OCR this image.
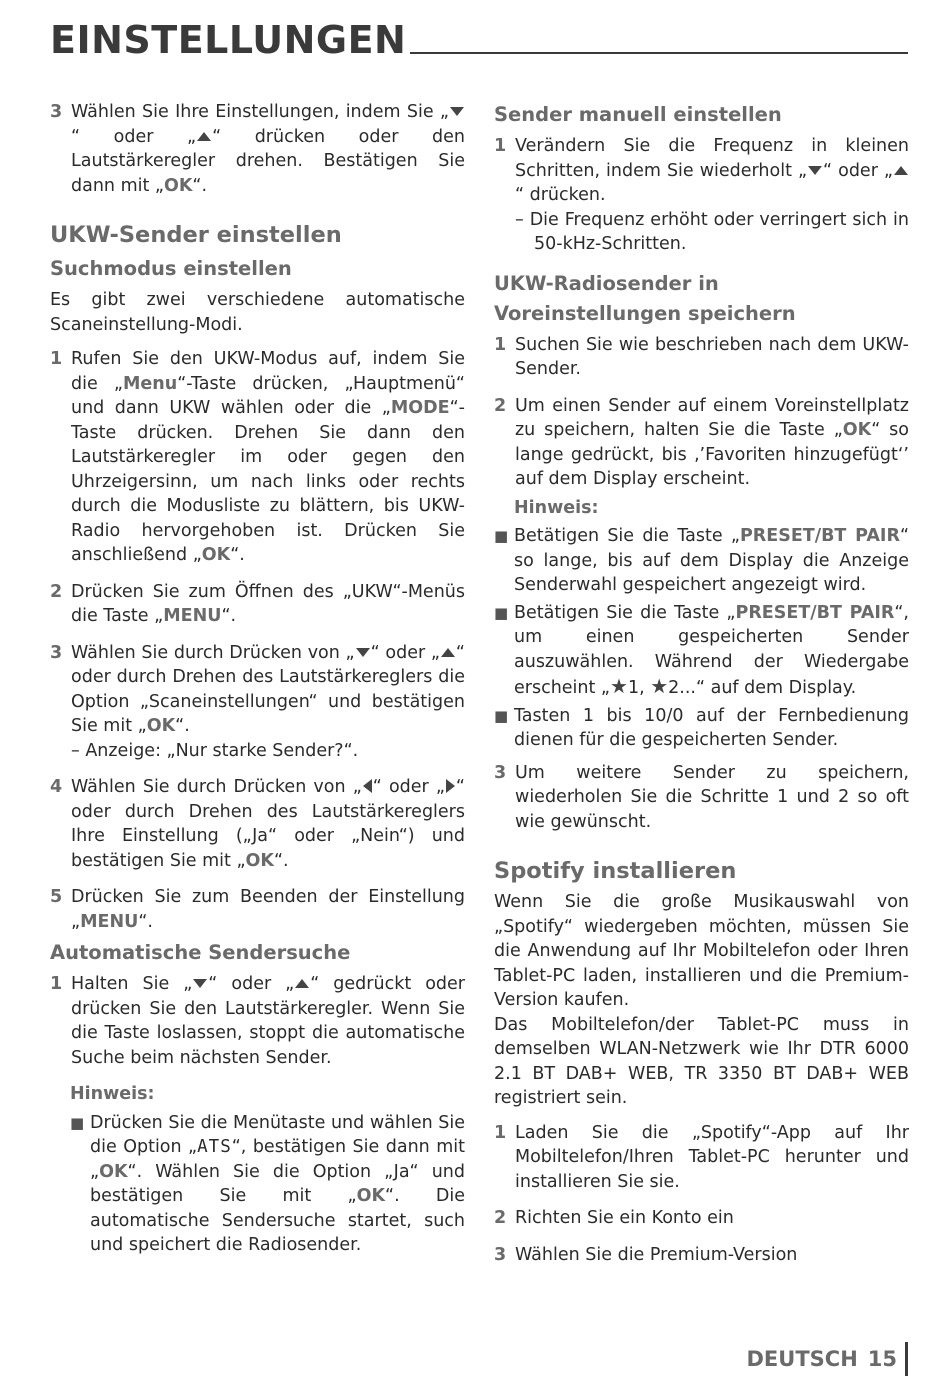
EINSTELLUNGEN
3 Wählen Sie Ihre Einstellungen, indem Sie „“ oder „ “ drücken oder den Lautstärkeregler drehen. Bestätigen Sie dann mit „OK“.
UKW-Sender einstellen
Suchmodus einstellen

Es gibt zwei verschiedene automatische Scaneinstellung-Modi.

1 Rufen Sie den UKW-Modus auf, indem Sie die „Menu“-Taste drücken, „Hauptmenü“ und dann UKW wählen oder die „MODE“-Taste drücken. Drehen Sie dann den Lautstärkeregler im oder gegen den Uhrzeigersinn, um nach links oder rechts durch die Modusliste zu blättern, bis UKW-Radio hervorgehoben ist. Drücken Sie anschließend „OK“.
2 Drücken Sie zum Öffnen des „UKW“-Menüs die Taste „MENU“.
3 Wählen Sie durch Drücken von „ “ oder „ “ oder durch Drehen des Lautstärkereglers die Option „Scaneinstellungen“ und bestätigen Sie mit „OK“.
– Anzeige: „Nur starke Sender?“.
4 Wählen Sie durch Drücken von „ “ oder „ “ oder durch Drehen des Lautstärkereglers Ihre Einstellung („Ja“ oder „Nein“) und bestätigen Sie mit „OK“.
5 Drücken Sie zum Beenden der Einstellung „MENU“.
Automatische Sendersuche
1 Halten Sie „ “ oder „ “ gedrückt oder drücken Sie den Lautstärkeregler. Wenn Sie die Taste loslassen, stoppt die automatische Suche beim nächsten Sender.
Hinweis:
■ Drücken Sie die Menütaste und wählen Sie die Option „ATS“, bestätigen Sie dann mit „OK“. Wählen Sie die Option „Ja“ und bestätigen Sie mit „OK“. Die automatische Sendersuche startet, such und speichert die Radiosender.
Sender manuell einstellen
1 Verändern Sie die Frequenz in kleinen Schritten, indem Sie wiederholt „ “ oder „“ drücken.
– Die Frequenz erhöht oder verringert sich in 50-kHz-Schritten.
UKW-Radiosender in Voreinstellungen speichern
1 Suchen Sie wie beschrieben nach dem UKW-Sender.
2 Um einen Sender auf einem Voreinstellplatz zu speichern, halten Sie die Taste „OK“ so lange gedrückt, bis ‚’Favoriten hinzugefügt‘’ auf dem Display erscheint.
Hinweis:
■ Betätigen Sie die Taste „PRESET/BT PAIR“ so lange, bis auf dem Display die Anzeige Senderwahl gespeichert angezeigt wird.
■ Betätigen Sie die Taste „PRESET/BT PAIR“, um einen gespeicherten Sender auszuwählen. Während der Wiedergabe erscheint „★1, ★2...“ auf dem Display.
■ Tasten 1 bis 10/0 auf der Fernbedienung dienen für die gespeicherten Sender.
3 Um weitere Sender zu speichern, wiederholen Sie die Schritte 1 und 2 so oft wie gewünscht.
Spotify installieren

Wenn Sie die große Musikauswahl von „Spotify“ wiedergeben möchten, müssen Sie die Anwendung auf Ihr Mobiltelefon oder Ihren Tablet-PC laden, installieren und die Premium-Version kaufen.

Das Mobiltelefon/der Tablet-PC muss in demselben WLAN-Netzwerk wie Ihr DTR 6000 2.1 BT DAB+ WEB, TR 3350 BT DAB+ WEB registriert sein.

1 Laden Sie die „Spotify“-App auf Ihr Mobiltelefon/Ihren Tablet-PC herunter und installieren Sie sie.
2 Richten Sie ein Konto ein
3 Wählen Sie die Premium-Version
DEUTSCH 15
